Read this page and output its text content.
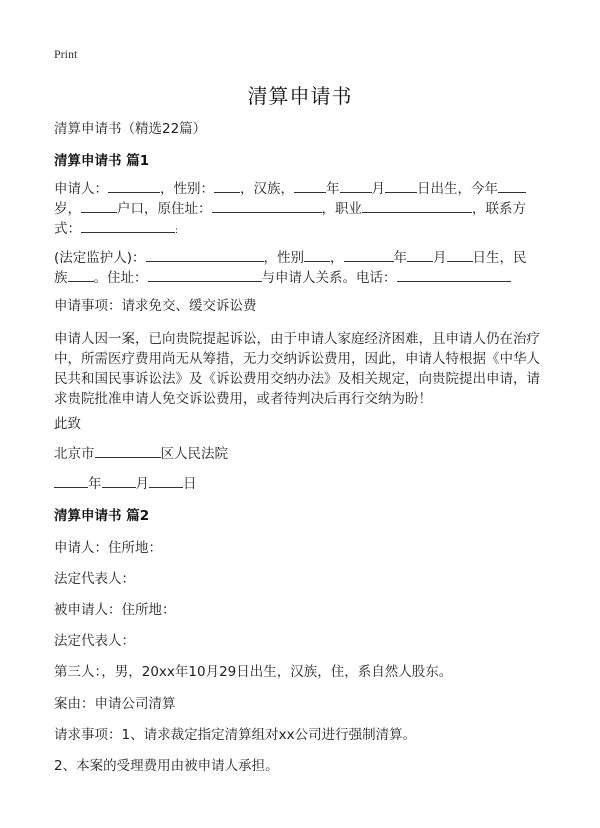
Print
清算申请书
清算申请书（精选22篇）
清算申请书 篇1
申请人：	，性别： ，汉族， 年 月 日出生，今年
岁，	户口，原住址：	，职业	，联系方
式：	:
(法定监护人)：	，性别 ，	年 月 日生，民
族 。住址：	与申请人关系。电话：
申请事项：请求免交、缓交诉讼费
申请人因一案，已向贵院提起诉讼，由于申请人家庭经济困难，且申请人仍在治疗
中，所需医疗费用尚无从筹措，无力交纳诉讼费用，因此，申请人特根据《中华人
民共和国民事诉讼法》及《诉讼费用交纳办法》及相关规定，向贵院提出申请，请
求贵院批准申请人免交诉讼费用，或者待判决后再行交纳为盼！
此致
北京市	区人民法院
年	月	日
清算申请书 篇2
申请人：住所地：
法定代表人：
被申请人：住所地：
法定代表人：
第三人：，男，20xx年10月29日出生，汉族，住，系自然人股东。
案由：申请公司清算
请求事项：1、请求裁定指定清算组对xx公司进行强制清算。
2、本案的受理费用由被申请人承担。
